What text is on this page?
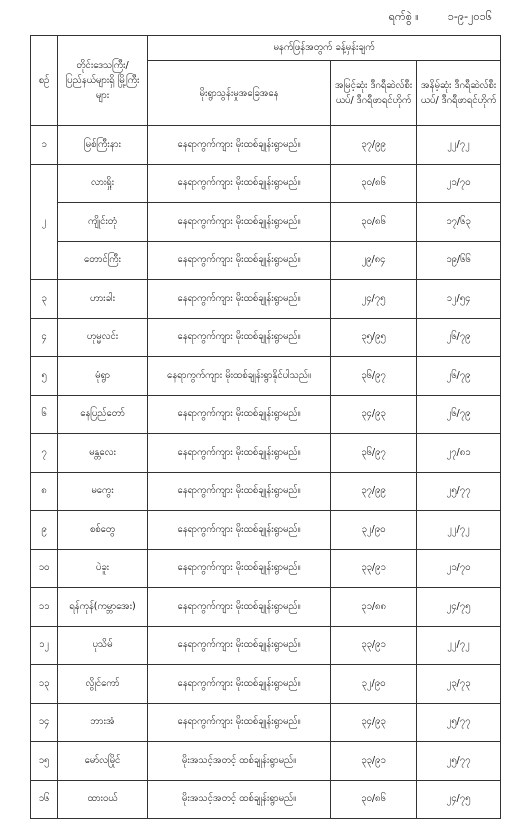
ရက်စွဲ ။	၁-၉-၂၀၁၆
စဉ်	တိုင်းဒေသကြီး/ ပြည်နယ်များရှိ မြို့ကြီးများ	မနက်ဖြန်အတွက် ခန့်မှန်းချက်		
		မိုးရွာသွန်းမှုအခြေအနေ	အမြင့်ဆုံး ဒီဂရီဆဲလ်စီးယပ်/ ဒီဂရီဖာရင်ဟိုက်	အနိမ့်ဆုံး ဒီဂရီဆဲလ်စီးယပ်/ ဒီဂရီဖာရင်ဟိုက်
၁	မြစ်ကြီးနား	နေရာကွက်ကျား မိုးထစ်ချုန်းရွာမည်။	၃၇/၉၉	၂၂/၇၂
၂	လားရှိုး	နေရာကွက်ကျား မိုးထစ်ချုန်းရွာမည်။	၃၀/၈၆	၂၁/၇၀
	ကျိုင်းတုံ	နေရာကွက်ကျား မိုးထစ်ချုန်းရွာမည်။	၃၀/၈၆	၁၇/၆၃
	တောင်ကြီး	နေရာကွက်ကျား မိုးထစ်ချုန်းရွာမည်။	၂၉/၈၄	၁၉/၆၆
၃	ဟားခါး	နေရာကွက်ကျား မိုးထစ်ချုန်းရွာမည်။	၂၄/၇၅	၁၂/၅၄
၄	ဟုမ္မလင်း	နေရာကွက်ကျား မိုးထစ်ချုန်းရွာမည်။	၃၅/၉၅	၂၆/၇၉
၅	မုံရွာ	နေရာကွက်ကျား မိုးထစ်ချုန်းရွာနိုင်ပါသည်။	၃၆/၉၇	၂၆/၇၉
၆	နေပြည်တော်	နေရာကွက်ကျား မိုးထစ်ချုန်းရွာမည်။	၃၄/၉၃	၂၆/၇၉
၇	မန္တလေး	နေရာကွက်ကျား မိုးထစ်ချုန်းရွာမည်။	၃၆/၉၇	၂၇/၈၁
၈	မကွေး	နေရာကွက်ကျား မိုးထစ်ချုန်းရွာမည်။	၃၇/၉၉	၂၅/၇၇
၉	စစ်တွေ	နေရာကွက်ကျား မိုးထစ်ချုန်းရွာမည်။	၃၂/၉၀	၂၂/၇၂
၁၀	ပဲခူး	နေရာကွက်ကျား မိုးထစ်ချုန်းရွာမည်။	၃၃/၉၁	၂၁/၇၀
၁၁	ရန်ကုန်(ကမ္ဘာအေး)	နေရာကွက်ကျား မိုးထစ်ချုန်းရွာမည်။	၃၁/၈၈	၂၄/၇၅
၁၂	ပုသိမ်	နေရာကွက်ကျား မိုးထစ်ချုန်းရွာမည်။	၃၃/၉၁	၂၂/၇၂
၁၃	လွိုင်ကော်	နေရာကွက်ကျား မိုးထစ်ချုန်းရွာမည်။	၃၂/၉၀	၂၃/၇၃
၁၄	ဘားအံ	နေရာကွက်ကျား မိုးထစ်ချုန်းရွာမည်။	၃၄/၉၃	၂၅/၇၇
၁၅	မော်လမြိုင်	မိုးအသင့်အတင့် ထစ်ချုန်းရွာမည်။	၃၃/၉၁	၂၅/၇၇
၁၆	ထားဝယ်	မိုးအသင့်အတင့် ထစ်ချုန်းရွာမည်။	၃၀/၈၆	၂၄/၇၅
